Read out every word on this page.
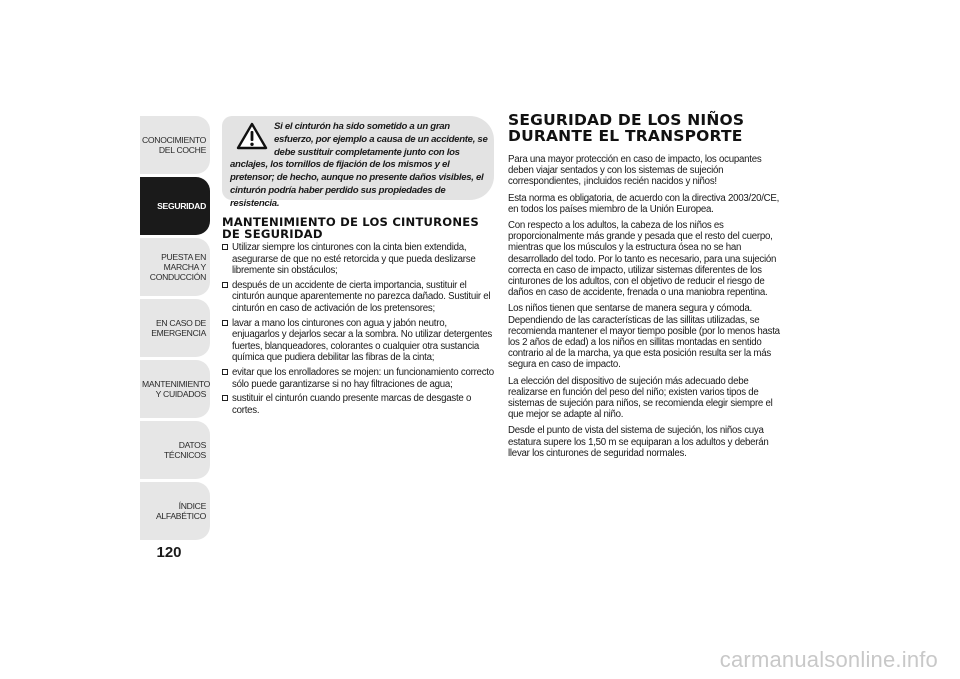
CONOCIMIENTO DEL COCHE
SEGURIDAD
PUESTA EN MARCHA Y CONDUCCIÓN
EN CASO DE EMERGENCIA
MANTENIMIENTO Y CUIDADOS
DATOS TÉCNICOS
ÍNDICE ALFABÉTICO
120
Si el cinturón ha sido sometido a un gran esfuerzo, por ejemplo a causa de un accidente, se debe sustituir completamente junto con los anclajes, los tornillos de fijación de los mismos y el pretensor; de hecho, aunque no presente daños visibles, el cinturón podría haber perdido sus propiedades de resistencia.
MANTENIMIENTO DE LOS CINTURONES DE SEGURIDAD
Utilizar siempre los cinturones con la cinta bien extendida, asegurarse de que no esté retorcida y que pueda deslizarse libremente sin obstáculos;
después de un accidente de cierta importancia, sustituir el cinturón aunque aparentemente no parezca dañado. Sustituir el cinturón en caso de activación de los pretensores;
lavar a mano los cinturones con agua y jabón neutro, enjuagarlos y dejarlos secar a la sombra. No utilizar detergentes fuertes, blanqueadores, colorantes o cualquier otra sustancia química que pudiera debilitar las fibras de la cinta;
evitar que los enrolladores se mojen: un funcionamiento correcto sólo puede garantizarse si no hay filtraciones de agua;
sustituir el cinturón cuando presente marcas de desgaste o cortes.
SEGURIDAD DE LOS NIÑOS DURANTE EL TRANSPORTE

Para una mayor protección en caso de impacto, los ocupantes deben viajar sentados y con los sistemas de sujeción correspondientes, ¡incluidos recién nacidos y niños!

Esta norma es obligatoria, de acuerdo con la directiva 2003/20/CE, en todos los países miembro de la Unión Europea.

Con respecto a los adultos, la cabeza de los niños es proporcionalmente más grande y pesada que el resto del cuerpo, mientras que los músculos y la estructura ósea no se han desarrollado del todo. Por lo tanto es necesario, para una sujeción correcta en caso de impacto, utilizar sistemas diferentes de los cinturones de los adultos, con el objetivo de reducir el riesgo de daños en caso de accidente, frenada o una maniobra repentina.

Los niños tienen que sentarse de manera segura y cómoda. Dependiendo de las características de las sillitas utilizadas, se recomienda mantener el mayor tiempo posible (por lo menos hasta los 2 años de edad) a los niños en sillitas montadas en sentido contrario al de la marcha, ya que esta posición resulta ser la más segura en caso de impacto.

La elección del dispositivo de sujeción más adecuado debe realizarse en función del peso del niño; existen varios tipos de sistemas de sujeción para niños, se recomienda elegir siempre el que mejor se adapte al niño.

Desde el punto de vista del sistema de sujeción, los niños cuya estatura supere los 1,50 m se equiparan a los adultos y deberán llevar los cinturones de seguridad normales.

carmanualsonline.info
